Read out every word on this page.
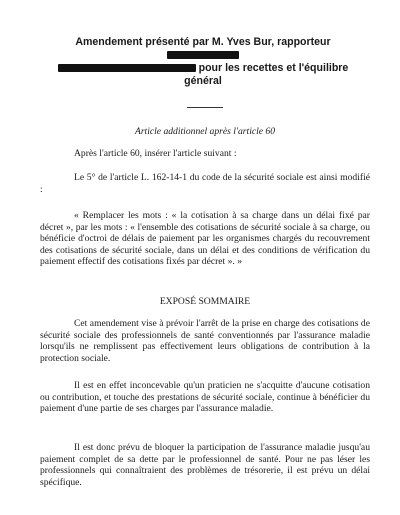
Amendement présenté par M. Yves Bur, rapporteur
pour les recettes et l'équilibre
général
Article additionnel après l'article 60
Après l'article 60, insérer l'article suivant :
Le 5° de l'article L. 162-14-1 du code de la sécurité sociale est ainsi modifié :
« Remplacer les mots : « la cotisation à sa charge dans un délai fixé par décret », par les mots : « l'ensemble des cotisations de sécurité sociale à sa charge, ou bénéficie d'octroi de délais de paiement par les organismes chargés du recouvrement des cotisations de sécurité sociale, dans un délai et des conditions de vérification du paiement effectif des cotisations fixés par décret ». »
EXPOSÉ SOMMAIRE
Cet amendement vise à prévoir l'arrêt de la prise en charge des cotisations de sécurité sociale des professionnels de santé conventionnés par l'assurance maladie lorsqu'ils ne remplissent pas effectivement leurs obligations de contribution à la protection sociale.
Il est en effet inconcevable qu'un praticien ne s'acquitte d'aucune cotisation ou contribution, et touche des prestations de sécurité sociale, continue à bénéficier du paiement d'une partie de ses charges par l'assurance maladie.
Il est donc prévu de bloquer la participation de l'assurance maladie jusqu'au paiement complet de sa dette par le professionnel de santé. Pour ne pas léser les professionnels qui connaîtraient des problèmes de trésorerie, il est prévu un délai spécifique.
